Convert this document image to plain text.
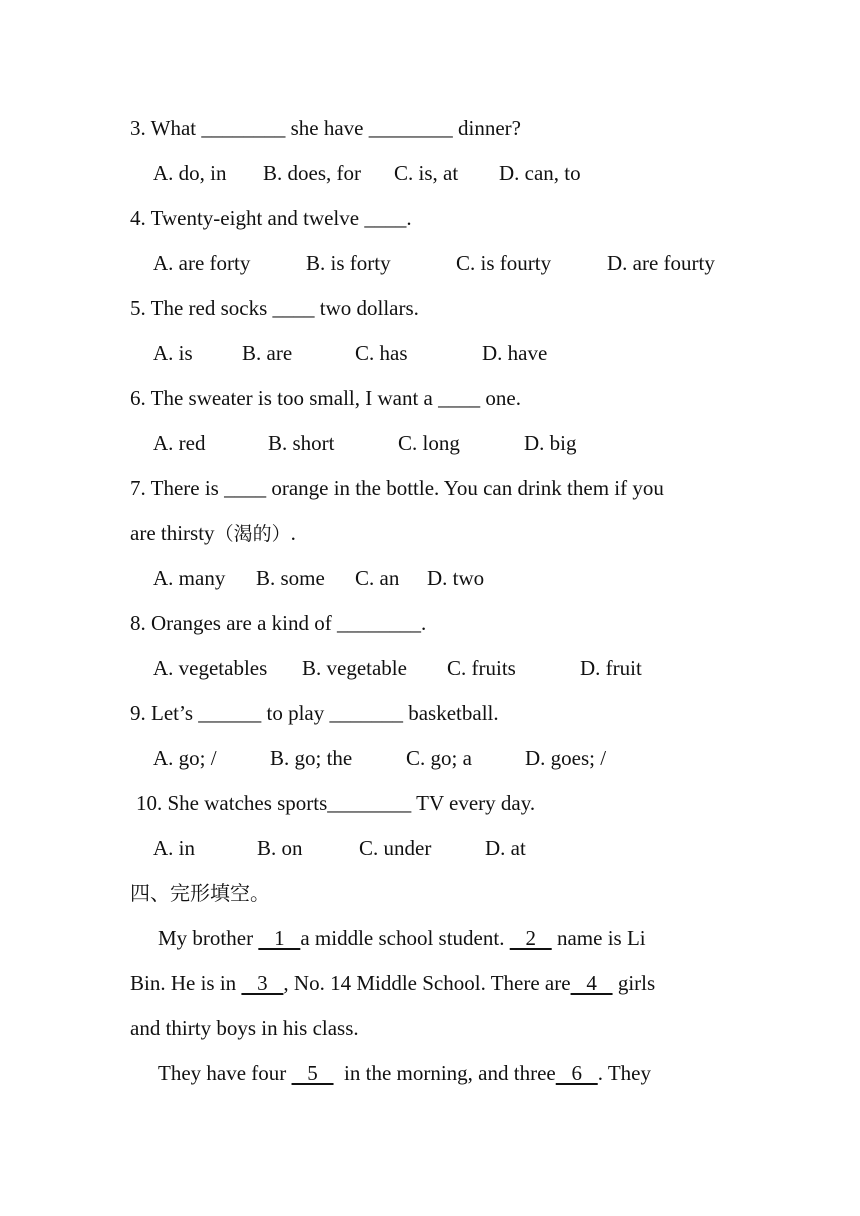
3. What ________ she have ________ dinner?
A. do, in B. does, for C. is, at D. can, to
4. Twenty-eight and twelve ____.
A. are forty	B. is forty	C. is fourty	D. are fourty
5. The red socks ____ two dollars.
A. is B. are	C. has	D. have
6. The sweater is too small, I want a ____ one.
A. red	B. short	C. long	D. big
7. There is ____ orange in the bottle. You can drink them if you
are thirsty（渴的）.
A. many B. some C. an D. two
8. Oranges are a kind of ________.
A. vegetables B. vegetable C. fruits	D. fruit
9. Let’s ______ to play _______ basketball.
A. go; /	B. go; the	C. go; a	D. goes; /
10. She watches sports________ TV every day.
A. in	B. on	C. under	D. at
四、完形填空。
My brother    1   a middle school student.    2    name is Li
Bin. He is in    3   , No. 14 Middle School. There are   4    girls
and thirty boys in his class.
They have four    5     in the morning, and three   6   . They
